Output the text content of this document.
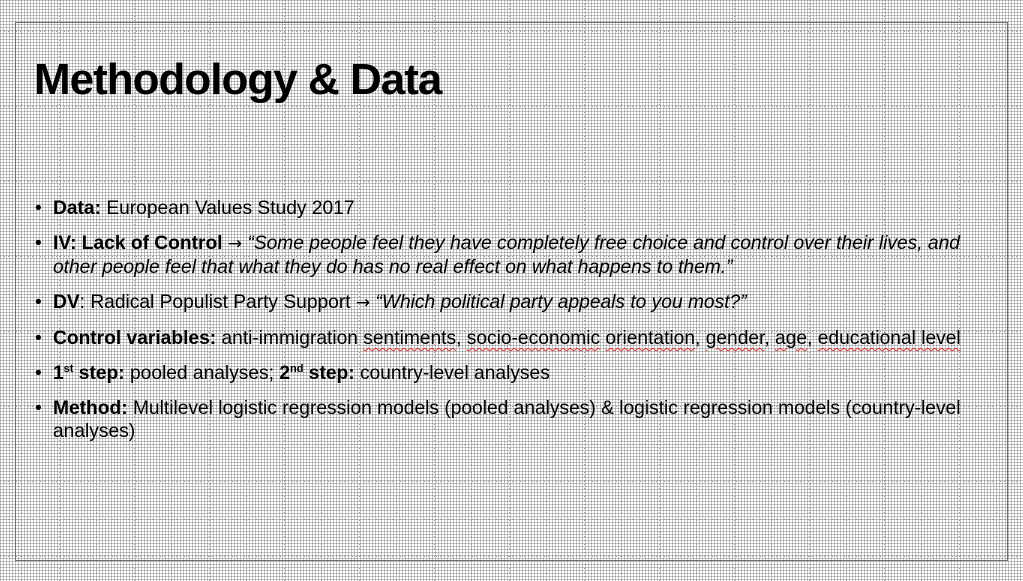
Methodology & Data
• Data: European Values Study 2017
• IV: Lack of Control → “Some people feel they have completely free choice and control over their lives, and other people feel that what they do has no real effect on what happens to them.”
• DV: Radical Populist Party Support → “Which political party appeals to you most?”
• Control variables: anti-immigration sentiments, socio-economic orientation, gender, age, educational level
• 1st step: pooled analyses; 2nd step: country-level analyses
• Method: Multilevel logistic regression models (pooled analyses) & logistic regression models (country-level analyses)
